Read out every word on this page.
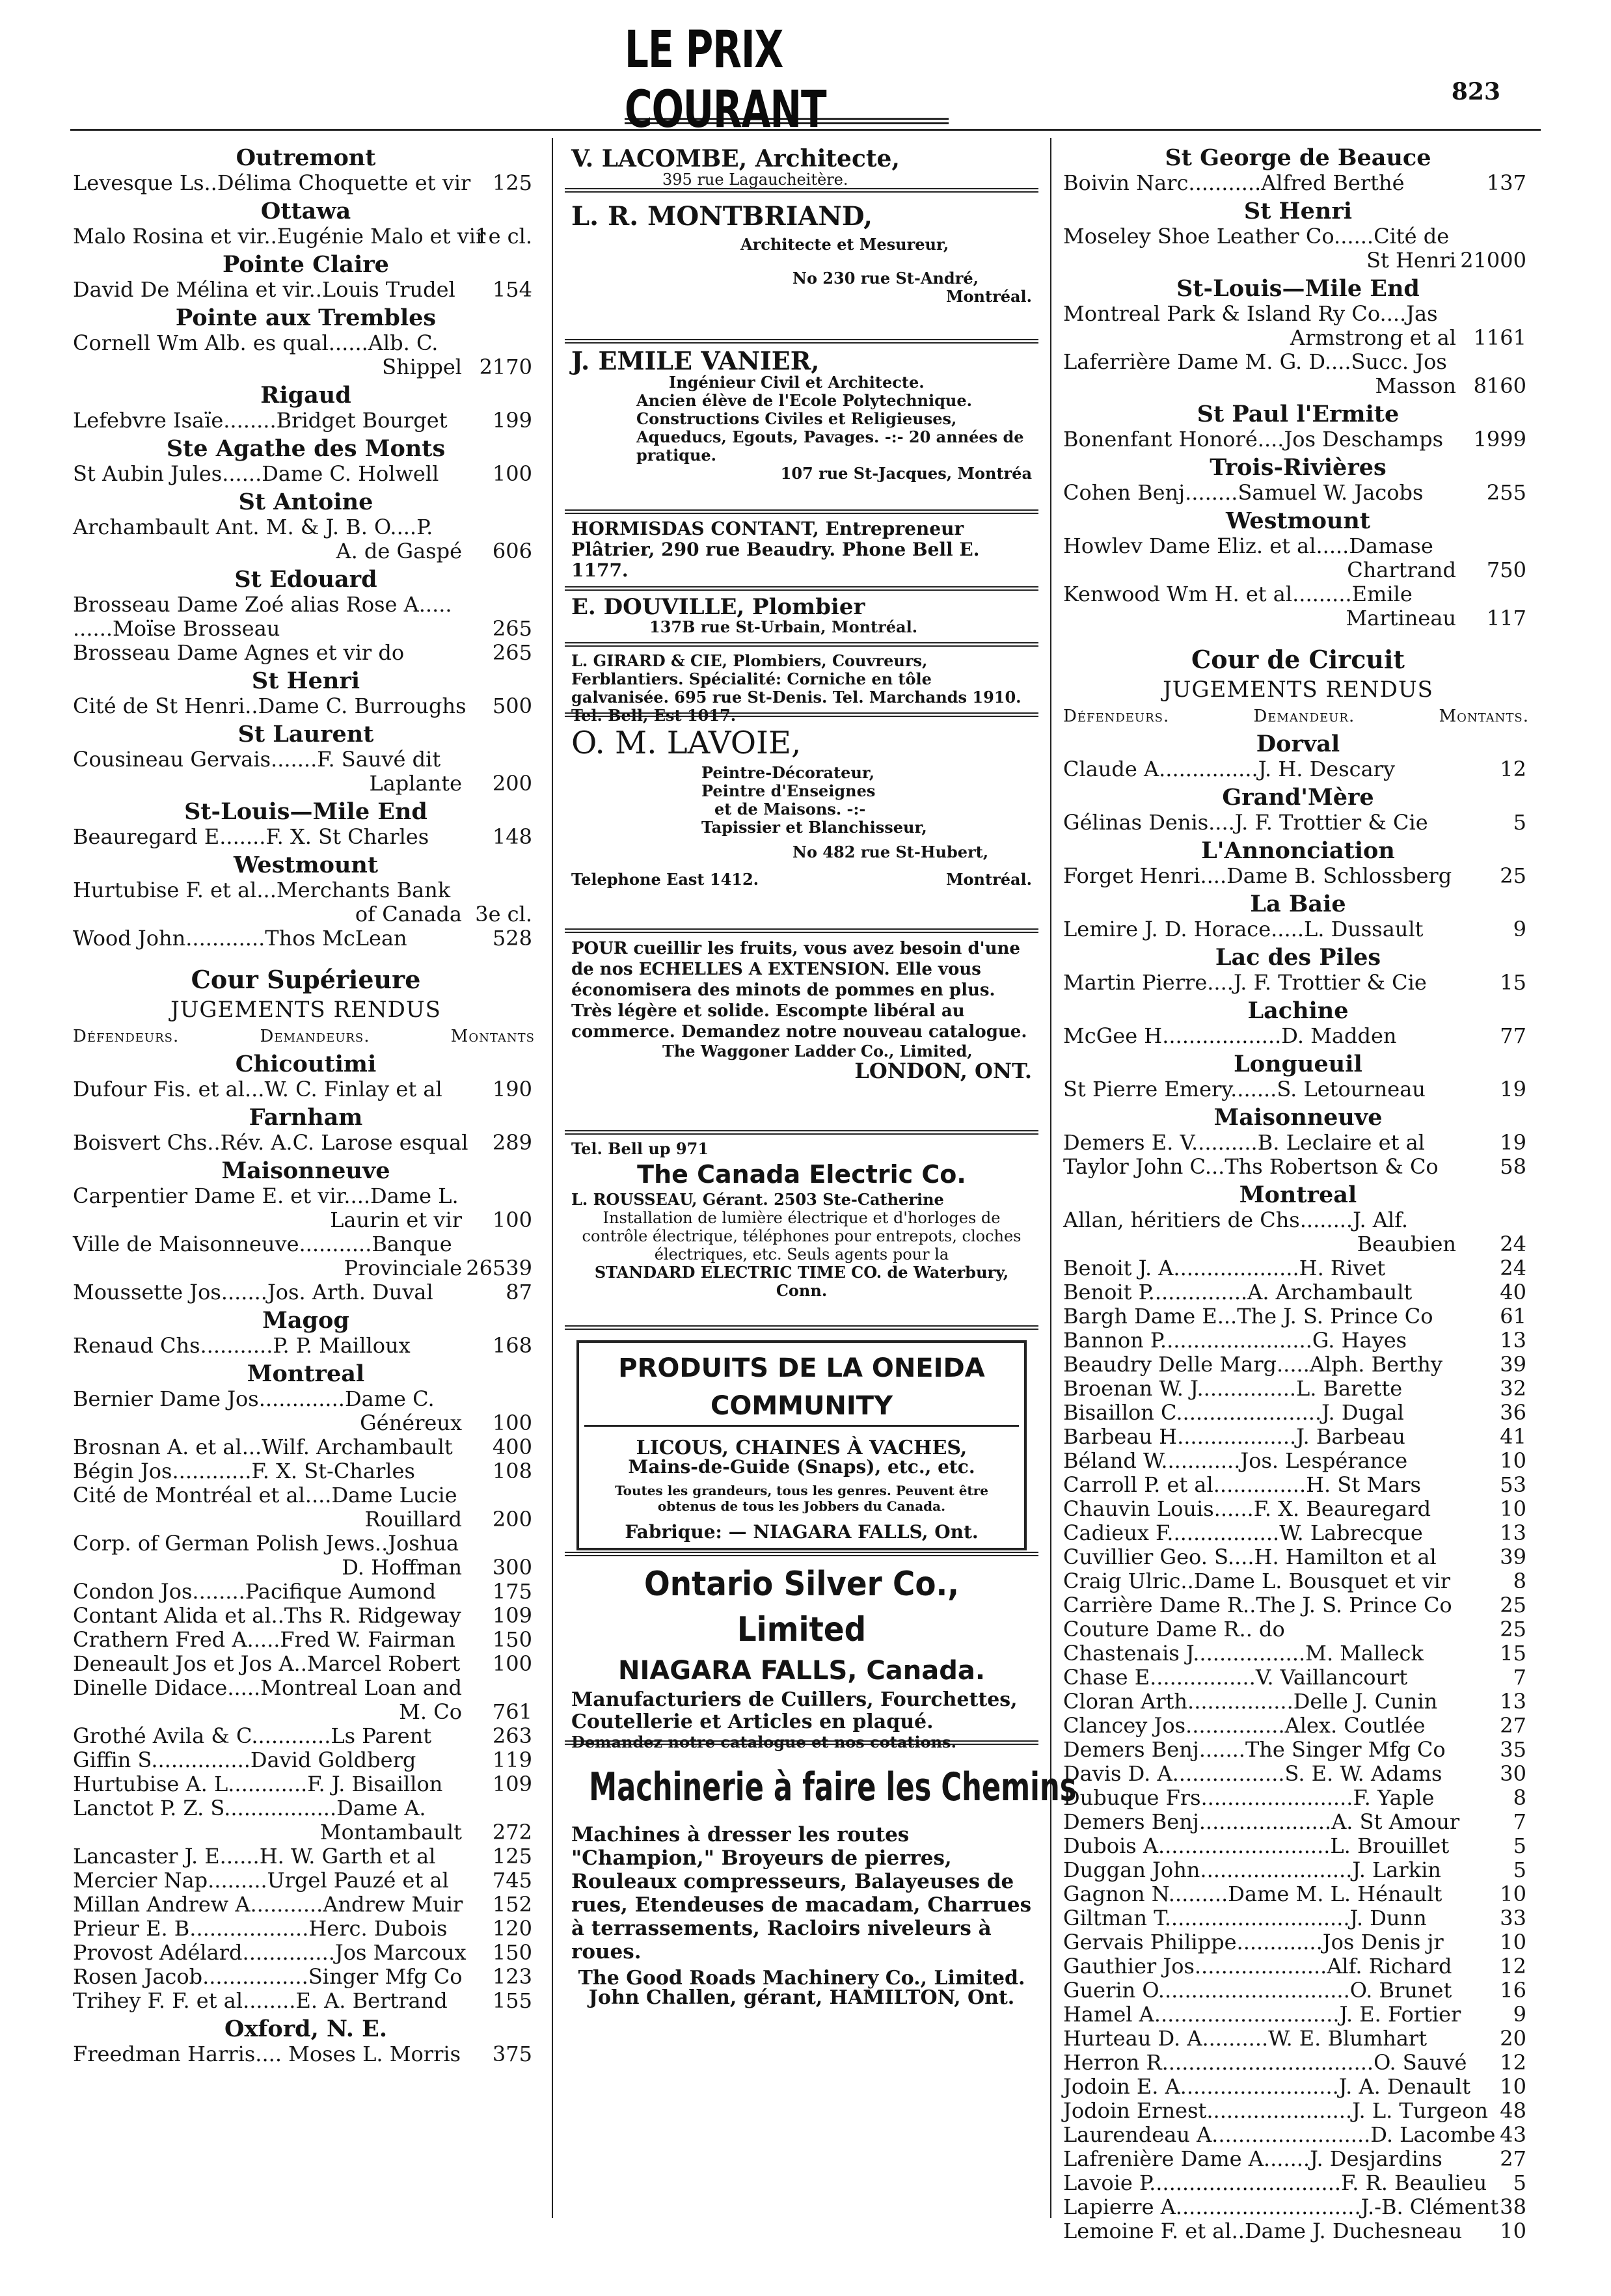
LE PRIX COURANT	823
Outremont
Levesque Ls..Délima Choquette et vir 125
Ottawa
Malo Rosina et vir..Eugénie Malo et vir
1e cl.
Pointe Claire
David De Mélina et vir..Louis Trudel 154
Pointe aux Trembles
Cornell Wm Alb. es qual......Alb. C.
Shippel 2170
Rigaud
Lefebvre Isaïe........Bridget Bourget 199
Ste Agathe des Monts
St Aubin Jules......Dame C. Holwell	100
St Antoine
Archambault Ant. M. & J. B. O....P.
A. de Gaspé 606
St Edouard
Brosseau Dame Zoé alias Rose A.....
......Moïse Brosseau	265
Brosseau Dame Agnes et vir do	265
St Henri
Cité de St Henri..Dame C. Burroughs 500
St Laurent
Cousineau Gervais.......F. Sauvé dit
Laplante 200
St-Louis—Mile End
Beauregard E.......F. X. St Charles	148
Westmount
Hurtubise F. et al...Merchants Bank
of Canada 3e cl.
Wood John............Thos McLean	528
Cour Supérieure
JUGEMENTS RENDUS
Défendeurs.	Demandeurs.	Montants
Chicoutimi
Dufour Fis. et al...W. C. Finlay et al 190
Farnham
Boisvert Chs..Rév. A.C. Larose esqual 289
Maisonneuve
Carpentier Dame E. et vir....Dame L.
Laurin et vir 100
Ville de Maisonneuve...........Banque
Provinciale 26539
Moussette Jos.......Jos. Arth. Duval	87
Magog
Renaud Chs...........P. P. Mailloux	168
Montreal
Bernier Dame Jos.............Dame C.
Généreux 100
Brosnan A. et al...Wilf. Archambault 400
Bégin Jos............F. X. St-Charles	108
Cité de Montréal et al....Dame Lucie
Rouillard 200
Corp. of German Polish Jews..Joshua
D. Hoffman 300
Condon Jos........Pacifique Aumond	175
Contant Alida et al..Ths R. Ridgeway 109
Crathern Fred A.....Fred W. Fairman 150
Deneault Jos et Jos A..Marcel Robert 100
Dinelle Didace.....Montreal Loan and
M. Co 761
Grothé Avila & C............Ls Parent	263
Giffin S...............David Goldberg	119
Hurtubise A. L............F. J. Bisaillon 109
Lanctot P. Z. S.................Dame A.
Montambault 272
Lancaster J. E......H. W. Garth et al	125
Mercier Nap.........Urgel Pauzé et al 745
Millan Andrew A...........Andrew Muir 152
Prieur E. B..................Herc. Dubois 120
Provost Adélard..............Jos Marcoux 150
Rosen Jacob................Singer Mfg Co 123
Trihey F. F. et al........E. A. Bertrand 155
Oxford, N. E.
Freedman Harris.... Moses L. Morris 375
V. LACOMBE, Architecte,
395 rue Lagaucheitère.
L. R. MONTBRIAND,
Architecte et Mesureur,
No 230 rue St-André,
Montréal.
J. EMILE VANIER,
Ingénieur Civil et Architecte.
Ancien élève de l'Ecole Polytechnique. Constructions Civiles et Religieuses, Aqueducs, Egouts, Pavages. -:- 20 années de pratique.
107 rue St-Jacques, Montréa
HORMISDAS CONTANT, Entrepreneur Plâtrier, 290 rue Beaudry. Phone Bell E. 1177.
E. DOUVILLE, Plombier
137B rue St-Urbain, Montréal.
L. GIRARD & CIE, Plombiers, Couvreurs, Ferblantiers. Spécialité: Corniche en tôle galvanisée. 695 rue St-Denis. Tel. Marchands 1910. Tel. Bell, Est 1017.
O. M. LAVOIE,
Peintre-Décorateur,
Peintre d'Enseignes
et de Maisons. -:-
Tapissier et Blanchisseur,
No 482 rue St-Hubert,
Telephone East 1412.	Montréal.
POUR cueillir les fruits, vous avez besoin d'une de nos ECHELLES A EXTENSION. Elle vous économisera des minots de pommes en plus. Très légère et solide. Escompte libéral au commerce. Demandez notre nouveau catalogue.
The Waggoner Ladder Co., Limited,
LONDON, ONT.
Tel. Bell up 971
The Canada Electric Co.
L. ROUSSEAU, Gérant. 2503 Ste-Catherine
Installation de lumière électrique et d'horloges de contrôle électrique, téléphones pour entrepots, cloches électriques, etc. Seuls agents pour la
STANDARD ELECTRIC TIME CO. de Waterbury, Conn.
PRODUITS DE LA ONEIDA COMMUNITY
LICOUS, CHAINES À VACHES,
Mains-de-Guide (Snaps), etc., etc.
Toutes les grandeurs, tous les genres. Peuvent être obtenus de tous les Jobbers du Canada.
Fabrique: — NIAGARA FALLS, Ont.
Ontario Silver Co., Limited
NIAGARA FALLS, Canada.
Manufacturiers de Cuillers, Fourchettes, Coutellerie et Articles en plaqué.
Demandez notre catalogue et nos cotations.
Machinerie à faire les Chemins
Machines à dresser les routes "Champion," Broyeurs de pierres, Rouleaux compresseurs, Balayeuses de rues, Etendeuses de macadam, Charrues à terrassements, Racloirs niveleurs à roues.
The Good Roads Machinery Co., Limited.
John Challen, gérant, HAMILTON, Ont.
St George de Beauce
Boivin Narc...........Alfred Berthé	137
St Henri
Moseley Shoe Leather Co......Cité de
St Henri 21000
St-Louis—Mile End
Montreal Park & Island Ry Co....Jas
Armstrong et al 1161
Laferrière Dame M. G. D....Succ. Jos
Masson 8160
St Paul l'Ermite
Bonenfant Honoré....Jos Deschamps 1999
Trois-Rivières
Cohen Benj........Samuel W. Jacobs	255
Westmount
Howlev Dame Eliz. et al.....Damase
Chartrand 750
Kenwood Wm H. et al.........Emile
Martineau 117
Cour de Circuit
JUGEMENTS RENDUS
Défendeurs.	Demandeur.	Montants.
Dorval
Claude A...............J. H. Descary	12
Grand'Mère
Gélinas Denis....J. F. Trottier & Cie	5
L'Annonciation
Forget Henri....Dame B. Schlossberg 25
La Baie
Lemire J. D. Horace.....L. Dussault	9
Lac des Piles
Martin Pierre....J. F. Trottier & Cie	15
Lachine
McGee H..................D. Madden	77
Longueuil
St Pierre Emery.......S. Letourneau	19
Maisonneuve
Demers E. V..........B. Leclaire et al	19
Taylor John C...Ths Robertson & Co	58
Montreal
Allan, héritiers de Chs........J. Alf.
Beaubien 24
Benoit J. A...................H. Rivet	24
Benoit P...............A. Archambault	40
Bargh Dame E...The J. S. Prince Co	61
Bannon P.......................G. Hayes	13
Beaudry Delle Marg.....Alph. Berthy	39
Broenan W. J...............L. Barette	32
Bisaillon C......................J. Dugal	36
Barbeau H..................J. Barbeau	41
Béland W............Jos. Lespérance	10
Carroll P. et al..............H. St Mars	53
Chauvin Louis......F. X. Beauregard	10
Cadieux F.................W. Labrecque	13
Cuvillier Geo. S....H. Hamilton et al	39
Craig Ulric..Dame L. Bousquet et vir	8
Carrière Dame R..The J. S. Prince Co 25
Couture Dame R.. do	25
Chastenais J.................M. Malleck	15
Chase E................V. Vaillancourt	7
Cloran Arth................Delle J. Cunin	13
Clancey Jos...............Alex. Coutlée	27
Demers Benj.......The Singer Mfg Co	35
Davis D. A.................S. E. W. Adams	30
Dubuque Frs.......................F. Yaple	8
Demers Benj....................A. St Amour	7
Dubois A..........................L. Brouillet	5
Duggan John.......................J. Larkin	5
Gagnon N.........Dame M. L. Hénault	10
Giltman T............................J. Dunn	33
Gervais Philippe.............Jos Denis jr	10
Gauthier Jos....................Alf. Richard 12
Guerin O.............................O. Brunet 16
Hamel A............................J. E. Fortier	9
Hurteau D. A..........W. E. Blumhart	20
Herron R................................O. Sauvé 12
Jodoin E. A........................J. A. Denault 10
Jodoin Ernest......................J. L. Turgeon 48
Laurendeau A........................D. Lacombe 43
Lafrenière Dame A.......J. Desjardins	27
Lavoie P.............................F. R. Beaulieu 5
Lapierre A............................J.-B. Clément 38
Lemoine F. et al..Dame J. Duchesneau 10
